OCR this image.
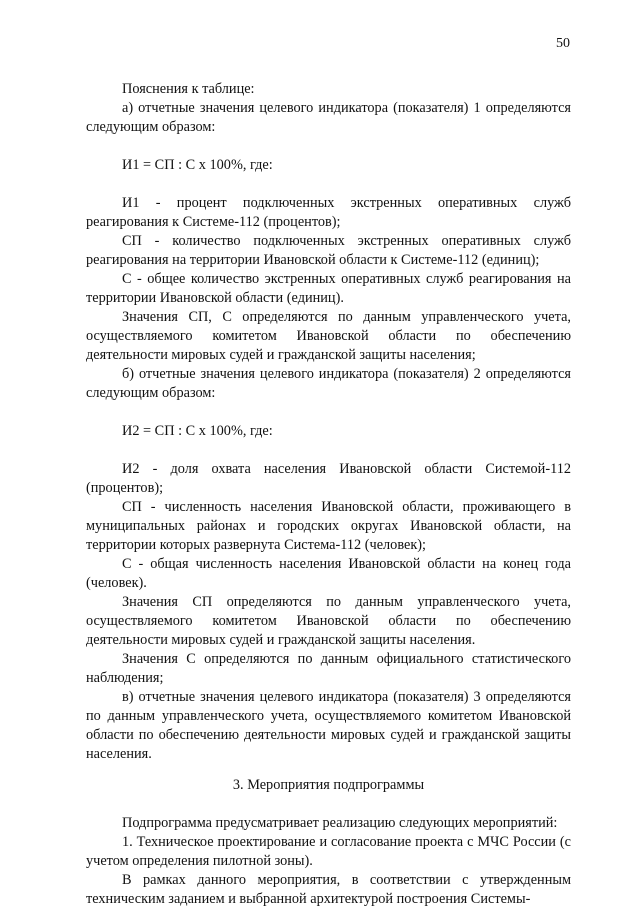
50

Пояснения к таблице:

а) отчетные значения целевого индикатора (показателя) 1 определяются следующим образом:

И1 = СП : С х 100%, где:

И1 - процент подключенных экстренных оперативных служб реагирования к Системе-112 (процентов);

СП - количество подключенных экстренных оперативных служб реагирования на территории Ивановской области к Системе-112 (единиц);

С - общее количество экстренных оперативных служб реагирования на территории Ивановской области (единиц).

Значения СП, С определяются по данным управленческого учета, осуществляемого комитетом Ивановской области по обеспечению деятельности мировых судей и гражданской защиты населения;

б) отчетные значения целевого индикатора (показателя) 2 определяются следующим образом:

И2 = СП : С х 100%, где:

И2 - доля охвата населения Ивановской области Системой-112 (процентов);

СП - численность населения Ивановской области, проживающего в муниципальных районах и городских округах Ивановской области, на территории которых развернута Система-112 (человек);

С - общая численность населения Ивановской области на конец года (человек).

Значения СП определяются по данным управленческого учета, осуществляемого комитетом Ивановской области по обеспечению деятельности мировых судей и гражданской защиты населения.

Значения С определяются по данным официального статистического наблюдения;

в) отчетные значения целевого индикатора (показателя) 3 определяются по данным управленческого учета, осуществляемого комитетом Ивановской области по обеспечению деятельности мировых судей и гражданской защиты населения.

3. Мероприятия подпрограммы

Подпрограмма предусматривает реализацию следующих мероприятий:

1. Техническое проектирование и согласование проекта с МЧС России (с учетом определения пилотной зоны).

В рамках данного мероприятия, в соответствии с утвержденным техническим заданием и выбранной архитектурой построения Системы-
